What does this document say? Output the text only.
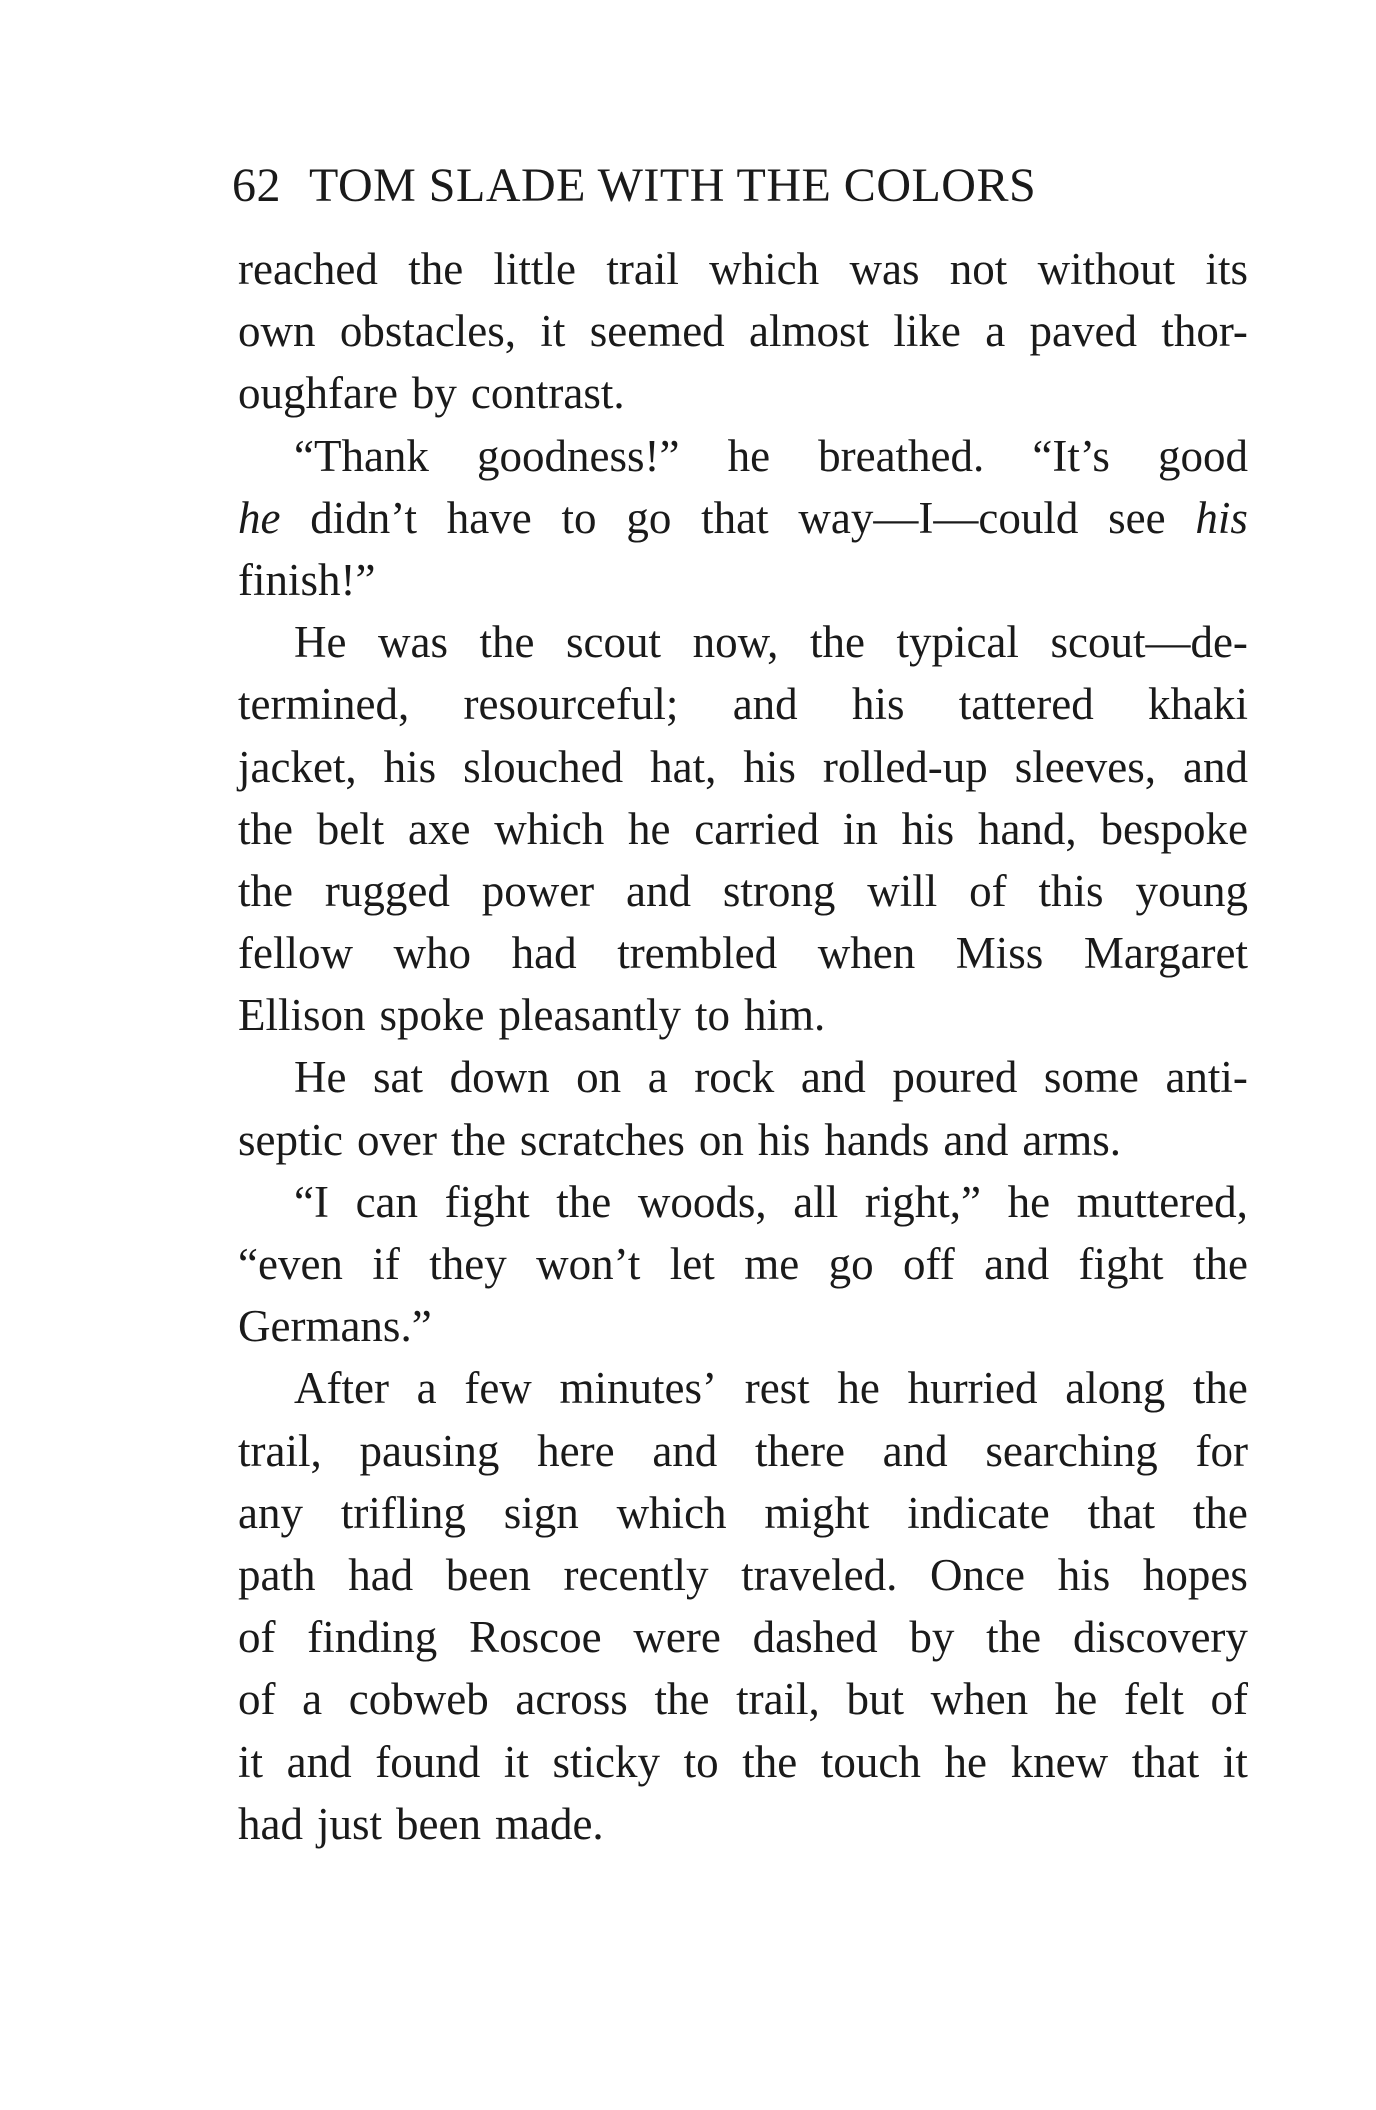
62 TOM SLADE WITH THE COLORS
reached the little trail which was not without its
own obstacles, it seemed almost like a paved thor-
oughfare by contrast.
“Thank goodness!” he breathed. “It’s good
he didn’t have to go that way—I—could see his
finish!”
He was the scout now, the typical scout—de-
termined, resourceful; and his tattered khaki
jacket, his slouched hat, his rolled-up sleeves, and
the belt axe which he carried in his hand, bespoke
the rugged power and strong will of this young
fellow who had trembled when Miss Margaret
Ellison spoke pleasantly to him.
He sat down on a rock and poured some anti-
septic over the scratches on his hands and arms.
“I can fight the woods, all right,” he muttered,
“even if they won’t let me go off and fight the
Germans.”
After a few minutes’ rest he hurried along the
trail, pausing here and there and searching for
any trifling sign which might indicate that the
path had been recently traveled. Once his hopes
of finding Roscoe were dashed by the discovery
of a cobweb across the trail, but when he felt of
it and found it sticky to the touch he knew that it
had just been made.
